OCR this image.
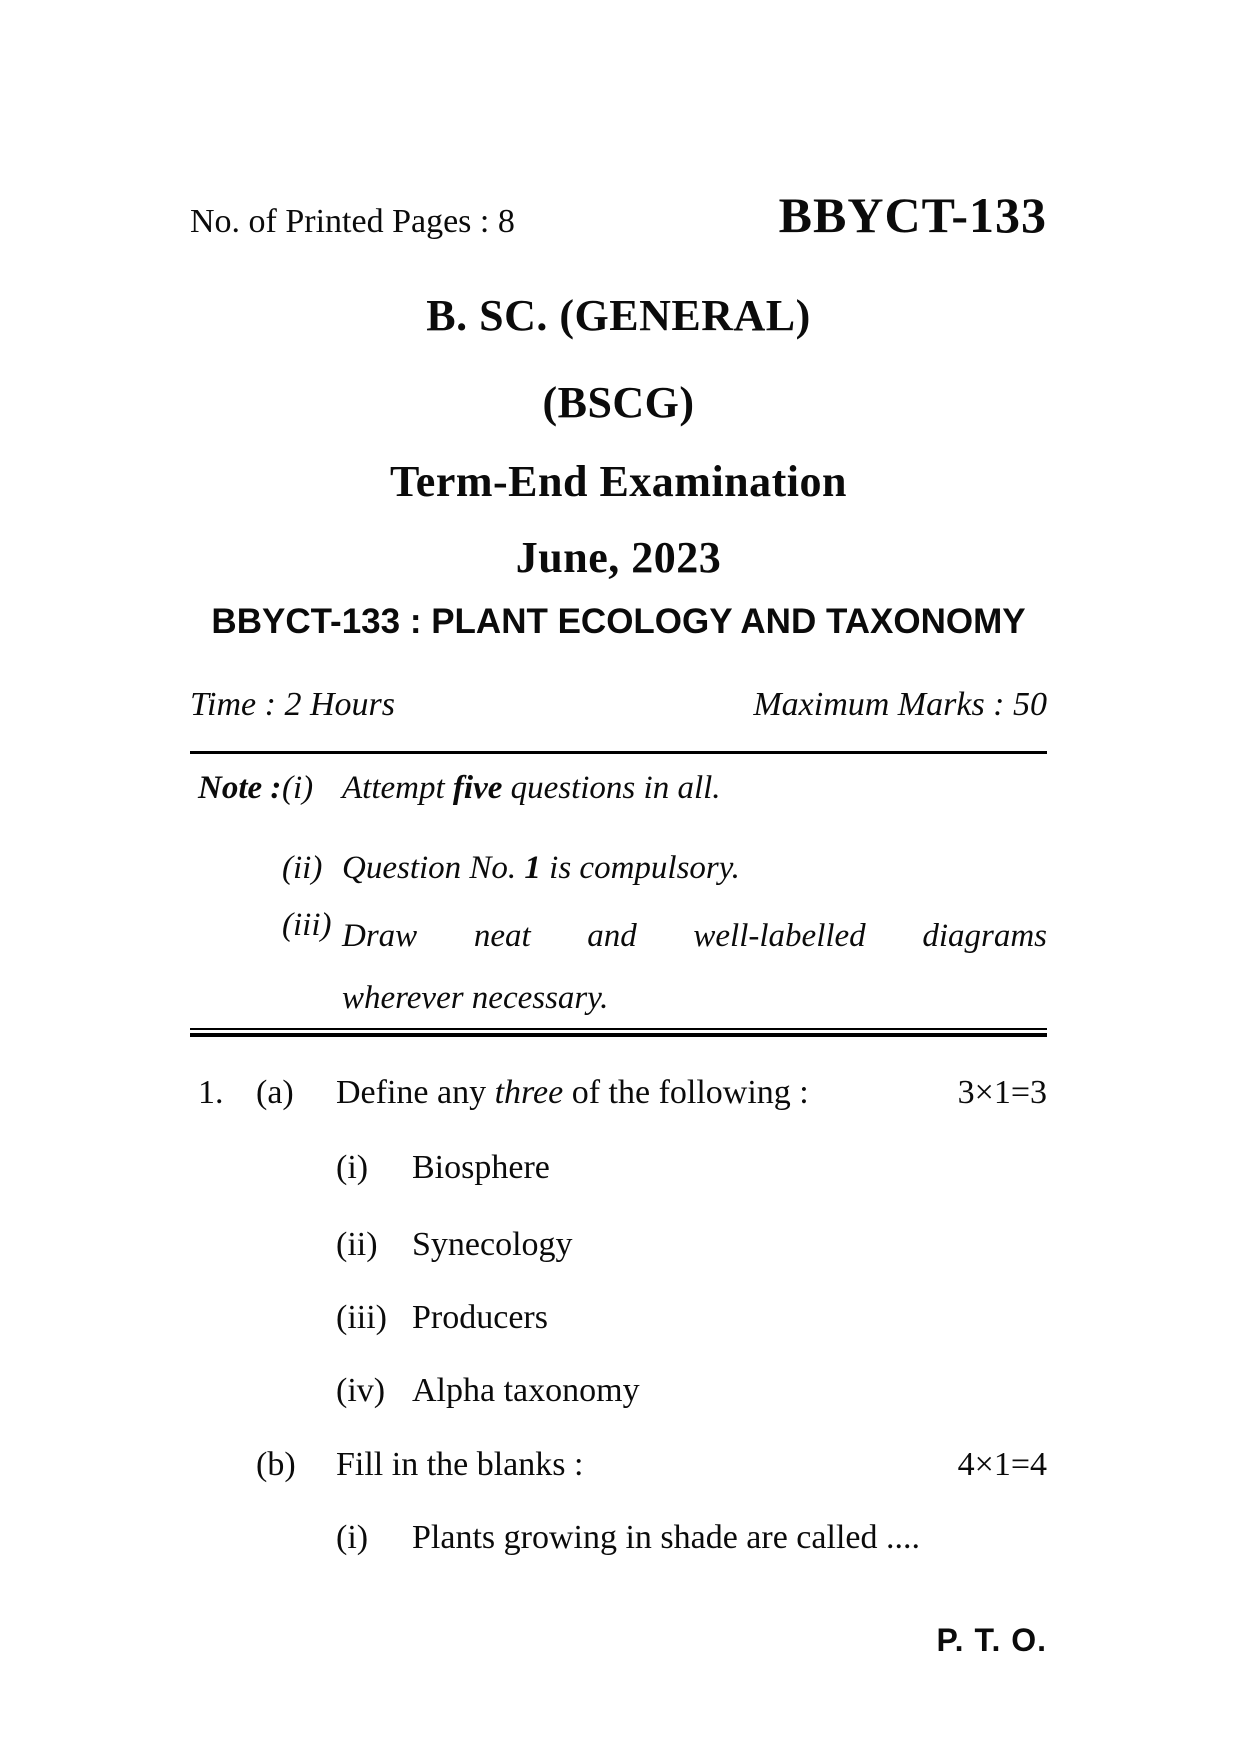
No. of Printed Pages : 8	BBYCT-133
B. SC. (GENERAL)
(BSCG)
Term-End Examination
June, 2023
BBYCT-133 : PLANT ECOLOGY AND TAXONOMY
Time : 2 Hours	Maximum Marks : 50
Note : (i) Attempt five questions in all.
(ii) Question No. 1 is compulsory.
(iii) Draw neat and well-labelled diagrams
wherever necessary.
1. (a) Define any three of the following :	3×1=3
(i) Biosphere
(ii) Synecology
(iii) Producers
(iv) Alpha taxonomy
(b) Fill in the blanks :	4×1=4
(i) Plants growing in shade are called ....
P. T. O.
